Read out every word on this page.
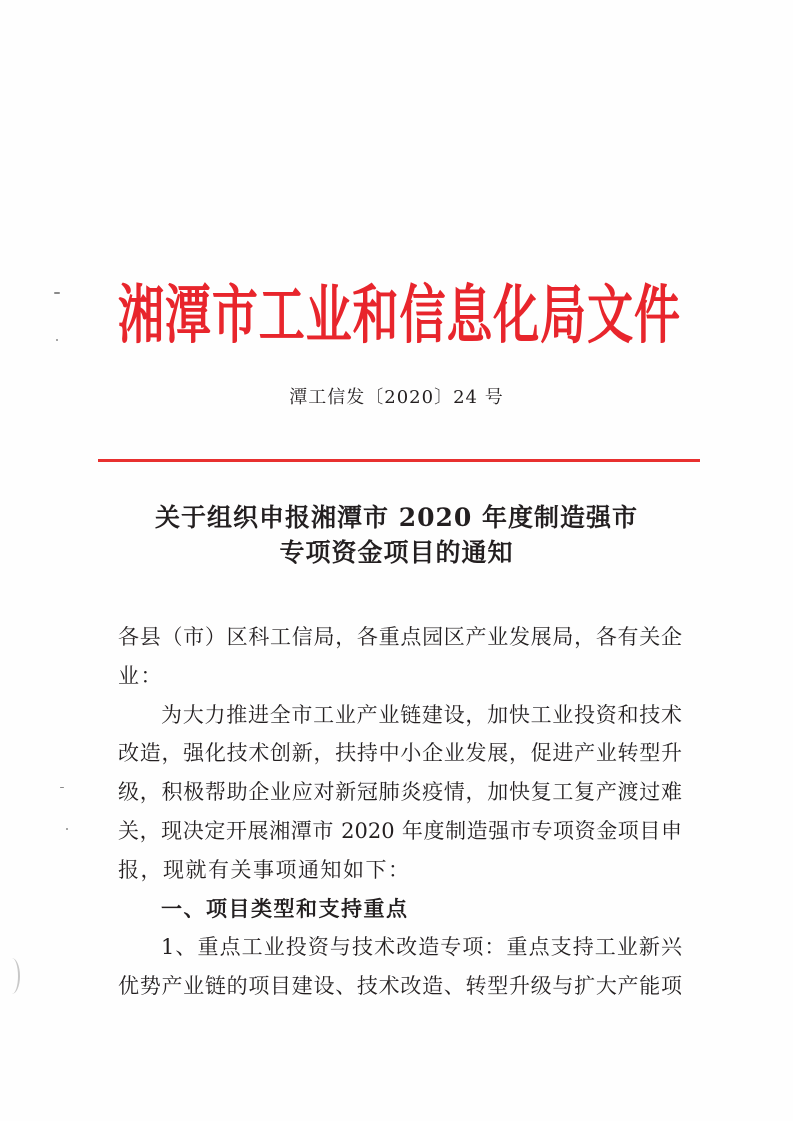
湘潭市工业和信息化局文件
潭工信发〔2020〕24 号
关于组织申报湘潭市 2020 年度制造强市
专项资金项目的通知
各县（市）区科工信局，各重点园区产业发展局，各有关企
业：
为大力推进全市工业产业链建设，加快工业投资和技术
改造，强化技术创新，扶持中小企业发展，促进产业转型升
级，积极帮助企业应对新冠肺炎疫情，加快复工复产渡过难
关，现决定开展湘潭市 2020 年度制造强市专项资金项目申
报，现就有关事项通知如下：
一、项目类型和支持重点
1、重点工业投资与技术改造专项：重点支持工业新兴
优势产业链的项目建设、技术改造、转型升级与扩大产能项
